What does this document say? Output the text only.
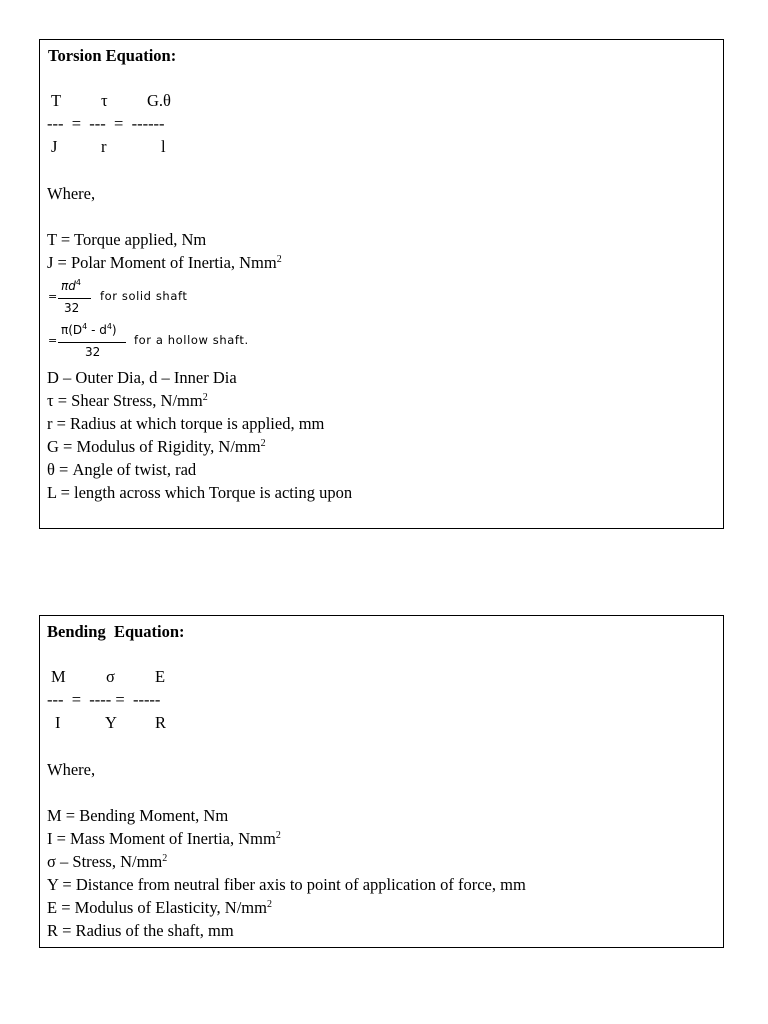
Torsion Equation:
T τ G.θ
---  =  ---  =  ------
J	r	l
Where,
T = Torque applied, Nm
J = Polar Moment of Inertia, Nmm$^2$
=
$\pi d^4$
32
for solid shaft
=
$\pi(D^4 - d^4)$
32
for a hollow shaft.
D – Outer Dia, d – Inner Dia
τ = Shear Stress, $N/mm^2$
r = Radius at which torque is applied, mm
G = Modulus of Rigidity, $N/mm^2$
θ = Angle of twist, rad
L = length across which Torque is acting upon
Bending  Equation:
M σ E
---  =  ---- =  -----
I	Y R
Where,
M = Bending Moment, Nm
I = Mass Moment of Inertia, Nmm$^2$
σ – Stress, $N/mm^2$
Y = Distance from neutral fiber axis to point of application of force, mm
E = Modulus of Elasticity, $N/mm^2$
R = Radius of the shaft, mm
